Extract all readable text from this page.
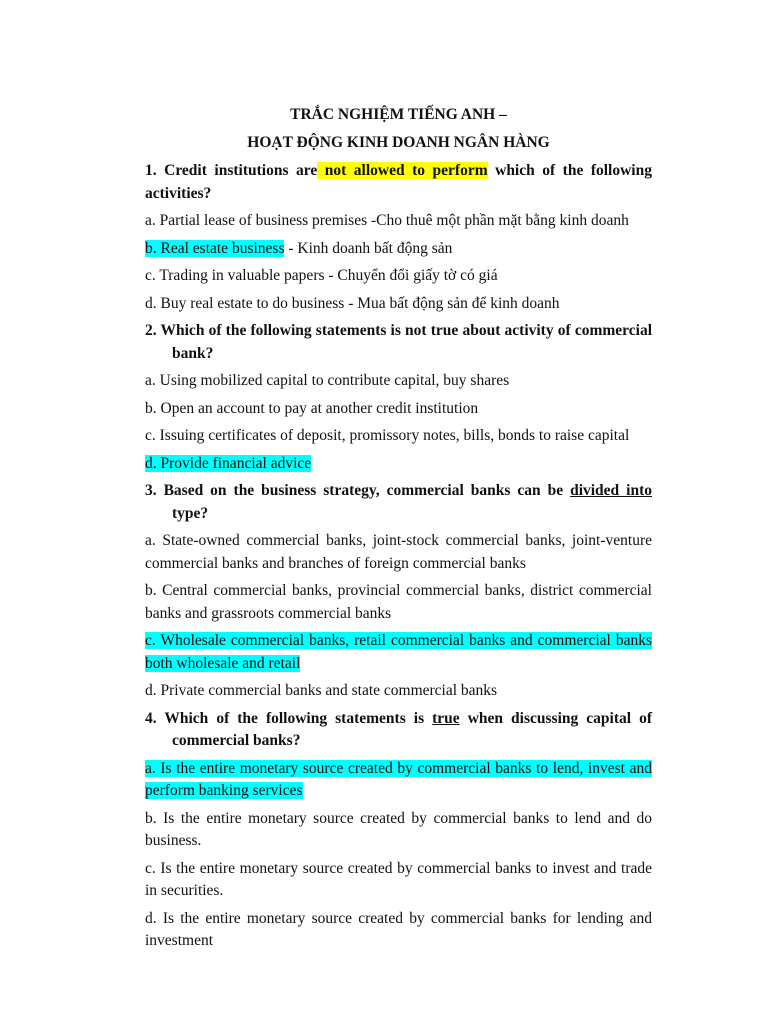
TRẮC NGHIỆM TIẾNG ANH –
HOẠT ĐỘNG KINH DOANH NGÂN HÀNG

1. Credit institutions are not allowed to perform which of the following activities?

a. Partial lease of business premises -Cho thuê một phần mặt bằng kinh doanh

b. Real estate business - Kinh doanh bất động sản

c. Trading in valuable papers - Chuyển đổi giấy tờ có giá

d. Buy real estate to do business - Mua bất động sản để kinh doanh

2. Which of the following statements is not true about activity of commercial bank?

a. Using mobilized capital to contribute capital, buy shares

b. Open an account to pay at another credit institution

c. Issuing certificates of deposit, promissory notes, bills, bonds to raise capital

d. Provide financial advice

3. Based on the business strategy, commercial banks can be divided into type?

a. State-owned commercial banks, joint-stock commercial banks, joint-venture commercial banks and branches of foreign commercial banks

b. Central commercial banks, provincial commercial banks, district commercial banks and grassroots commercial banks

c. Wholesale commercial banks, retail commercial banks and commercial banks both wholesale and retail

d. Private commercial banks and state commercial banks

4. Which of the following statements is true when discussing capital of commercial banks?

a. Is the entire monetary source created by commercial banks to lend, invest and perform banking services

b. Is the entire monetary source created by commercial banks to lend and do business.

c. Is the entire monetary source created by commercial banks to invest and trade in securities.

d. Is the entire monetary source created by commercial banks for lending and investment
